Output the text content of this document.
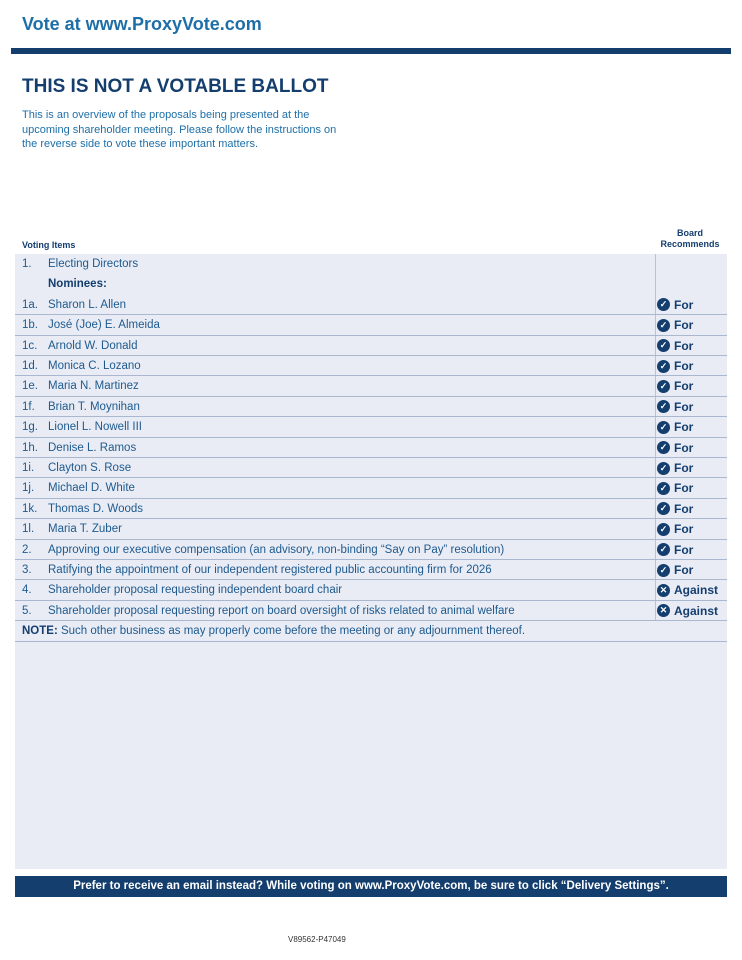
Vote at www.ProxyVote.com
THIS IS NOT A VOTABLE BALLOT
This is an overview of the proposals being presented at the
upcoming shareholder meeting. Please follow the instructions on
the reverse side to vote these important matters.
Voting Items
Board
Recommends
1. Electing Directors
Nominees:
1a. Sharon L. Allen	✓ For
1b. José (Joe) E. Almeida	✓ For
1c. Arnold W. Donald	✓ For
1d. Monica C. Lozano	✓ For
1e. Maria N. Martinez	✓ For
1f. Brian T. Moynihan	✓ For
1g. Lionel L. Nowell III	✓ For
1h. Denise L. Ramos	✓ For
1i. Clayton S. Rose	✓ For
1j. Michael D. White	✓ For
1k. Thomas D. Woods	✓ For
1l. Maria T. Zuber	✓ For
2. Approving our executive compensation (an advisory, non-binding “Say on Pay” resolution)	✓ For
3. Ratifying the appointment of our independent registered public accounting firm for 2026	✓ For
4. Shareholder proposal requesting independent board chair	✕ Against
5. Shareholder proposal requesting report on board oversight of risks related to animal welfare	✕ Against
NOTE: Such other business as may properly come before the meeting or any adjournment thereof.
Prefer to receive an email instead? While voting on www.ProxyVote.com, be sure to click “Delivery Settings”.
V89562-P47049
